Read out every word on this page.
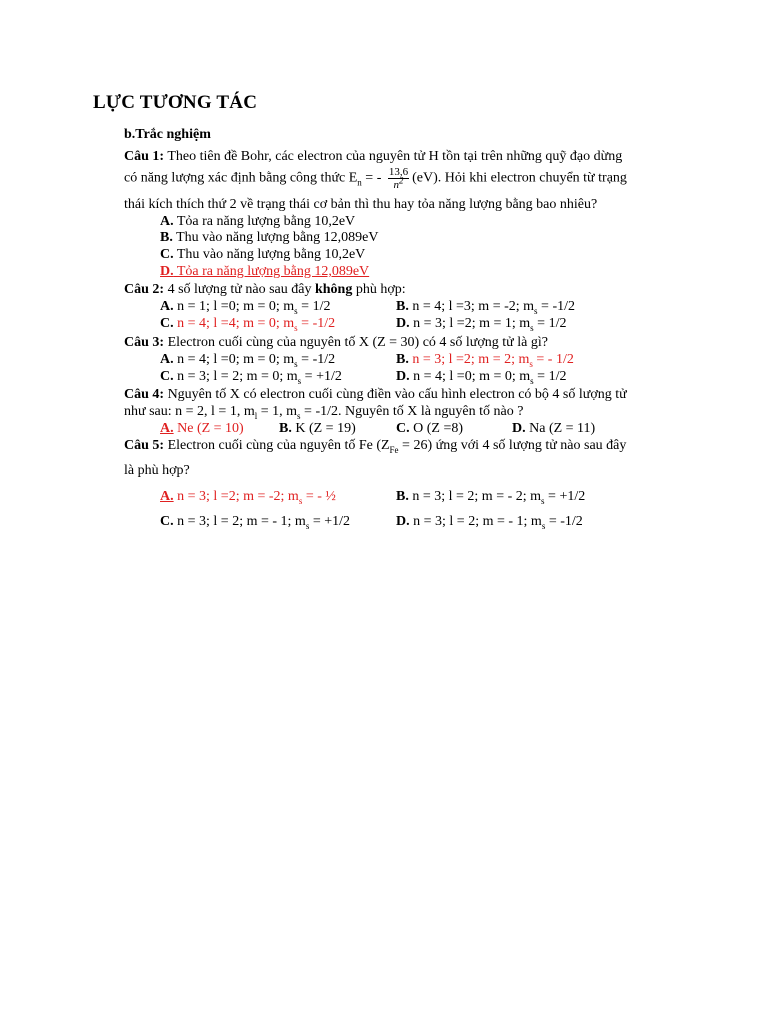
LỰC TƯƠNG TÁC
b.Trắc nghiệm
Câu 1: Theo tiên đề Bohr, các electron của nguyên tử H tồn tại trên những quỹ đạo dừng
có năng lượng xác định bằng công thức $E_n$ = - $\frac{13,6}{n^2} (eV)$. Hỏi khi electron chuyển từ trạng
thái kích thích thứ 2 về trạng thái cơ bản thì thu hay tỏa năng lượng bằng bao nhiêu?
A. Tỏa ra năng lượng bằng 10,2eV
B. Thu vào năng lượng bằng 12,089eV
C. Thu vào năng lượng bằng 10,2eV
D. Tỏa ra năng lượng bằng 12,089eV
Câu 2: 4 số lượng tử nào sau đây không phù hợp:
A. n = 1; l =0; m = 0; $m_s = 1/2$	B. n = 4; l =3; m = -2; $m_s = -1/2$
C. n = 4; l =4; m = 0; $m_s = -1/2$	D. n = 3; l =2; m = 1; $m_s = 1/2$
Câu 3: Electron cuối cùng của nguyên tố X (Z = 30) có 4 số lượng tử là gì?
A. n = 4; l =0; m = 0; $m_s = -1/2$	B. n = 3; l =2; m = 2; $m_s$ = - 1/2
C. n = 3; l = 2; m = 0; $m_s = +1/2$	D. n = 4; l =0; m = 0; $m_s = 1/2$
Câu 4: Nguyên tố X có electron cuối cùng điền vào cấu hình electron có bộ 4 số lượng tử
như sau: n = 2, l = 1, $m_l = 1$, $m_s = -1/2$. Nguyên tố X là nguyên tố nào ?
A. Ne (Z = 10)	B. K (Z = 19)	C. O (Z =8)	D. Na (Z = 11)
Câu 5: Electron cuối cùng của nguyên tố Fe $(Z_{Fe} = 26)$ ứng với 4 số lượng tử nào sau đây
là phù hợp?
A. n = 3; l =2; m = -2; $m_s$ = - ½	B. n = 3; l = 2; m = - 2; $m_s = +1/2$
C. n = 3; l = 2; m = - 1; $m_s = +1/2$	D. n = 3; l = 2; m = - 1; $m_s = -1/2$
